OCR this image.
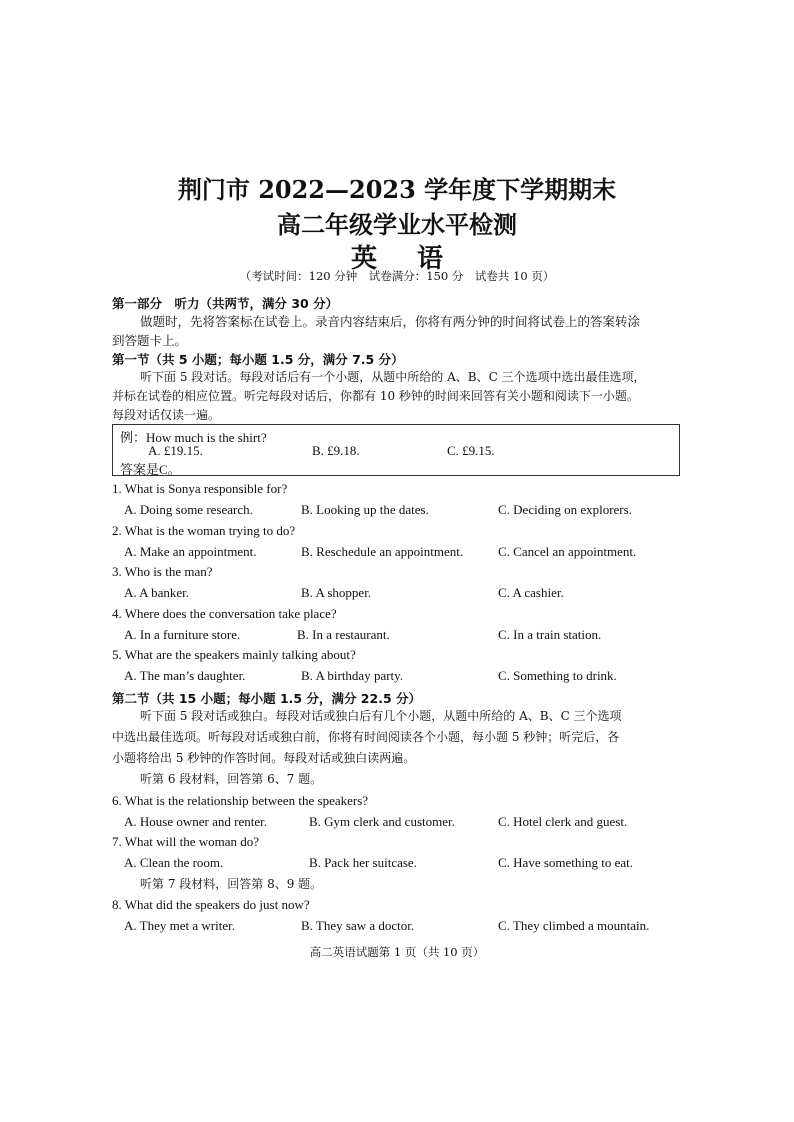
荆门市 2022—2023 学年度下学期期末
高二年级学业水平检测
英语
（考试时间：120 分钟　试卷满分：150 分　试卷共 10 页）
第一部分　听力（共两节，满分 30 分）
做题时，先将答案标在试卷上。录音内容结束后，你将有两分钟的时间将试卷上的答案转涂
到答题卡上。
第一节（共 5 小题；每小题 1.5 分，满分 7.5 分）
听下面 5 段对话。每段对话后有一个小题，从题中所给的 A、B、C 三个选项中选出最佳选项，
并标在试卷的相应位置。听完每段对话后，你都有 10 秒钟的时间来回答有关小题和阅读下一小题。
每段对话仅读一遍。
例：How much is the shirt?
A. £19.15.	B. £9.18.	C. £9.15.
答案是C。
1. What is Sonya responsible for?
A. Doing some research.	B. Looking up the dates.	C. Deciding on explorers.
2. What is the woman trying to do?
A. Make an appointment.	B. Reschedule an appointment.	C. Cancel an appointment.
3. Who is the man?
A. A banker.	B. A shopper.	C. A cashier.
4. Where does the conversation take place?
A. In a furniture store.	B. In a restaurant.	C. In a train station.
5. What are the speakers mainly talking about?
A. The man’s daughter.	B. A birthday party.	C. Something to drink.
第二节（共 15 小题；每小题 1.5 分，满分 22.5 分）
听下面 5 段对话或独白。每段对话或独白后有几个小题，从题中所给的 A、B、C 三个选项
中选出最佳选项。听每段对话或独白前，你将有时间阅读各个小题，每小题 5 秒钟；听完后，各
小题将给出 5 秒钟的作答时间。每段对话或独白读两遍。
听第 6 段材料，回答第 6、7 题。
6. What is the relationship between the speakers?
A. House owner and renter.	B. Gym clerk and customer.	C. Hotel clerk and guest.
7. What will the woman do?
A. Clean the room.	B. Pack her suitcase.	C. Have something to eat.
听第 7 段材料，回答第 8、9 题。
8. What did the speakers do just now?
A. They met a writer.	B. They saw a doctor.	C. They climbed a mountain.
高二英语试题第 1 页（共 10 页）
